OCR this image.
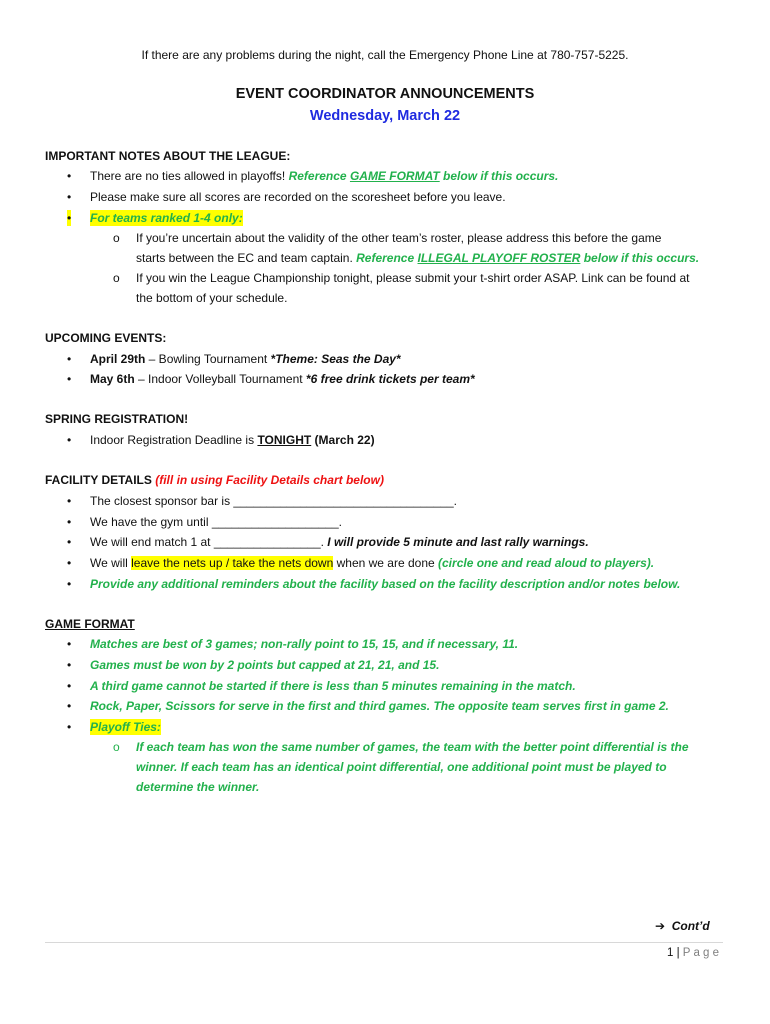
If there are any problems during the night, call the Emergency Phone Line at 780-757-5225.
EVENT COORDINATOR ANNOUNCEMENTS
Wednesday, March 22
IMPORTANT NOTES ABOUT THE LEAGUE:
• There are no ties allowed in playoffs! Reference GAME FORMAT below if this occurs.
• Please make sure all scores are recorded on the scoresheet before you leave.
• For teams ranked 1-4 only:
o If you’re uncertain about the validity of the other team’s roster, please address this before the game
starts between the EC and team captain. Reference ILLEGAL PLAYOFF ROSTER below if this occurs.
o If you win the League Championship tonight, please submit your t-shirt order ASAP. Link can be found at
the bottom of your schedule.
UPCOMING EVENTS:
• April 29th – Bowling Tournament *Theme: Seas the Day*
• May 6th – Indoor Volleyball Tournament *6 free drink tickets per team*
SPRING REGISTRATION!
• Indoor Registration Deadline is TONIGHT (March 22)
FACILITY DETAILS (fill in using Facility Details chart below)
• The closest sponsor bar is _________________________________.
• We have the gym until ___________________.
• We will end match 1 at ________________. I will provide 5 minute and last rally warnings.
• We will leave the nets up / take the nets down when we are done (circle one and read aloud to players).
• Provide any additional reminders about the facility based on the facility description and/or notes below.
GAME FORMAT
• Matches are best of 3 games; non-rally point to 15, 15, and if necessary, 11.
• Games must be won by 2 points but capped at 21, 21, and 15.
• A third game cannot be started if there is less than 5 minutes remaining in the match.
• Rock, Paper, Scissors for serve in the first and third games. The opposite team serves first in game 2.
• Playoff Ties:
o If each team has won the same number of games, the team with the better point differential is the
winner. If each team has an identical point differential, one additional point must be played to
determine the winner.
➔ Cont’d
1 | P a g e
